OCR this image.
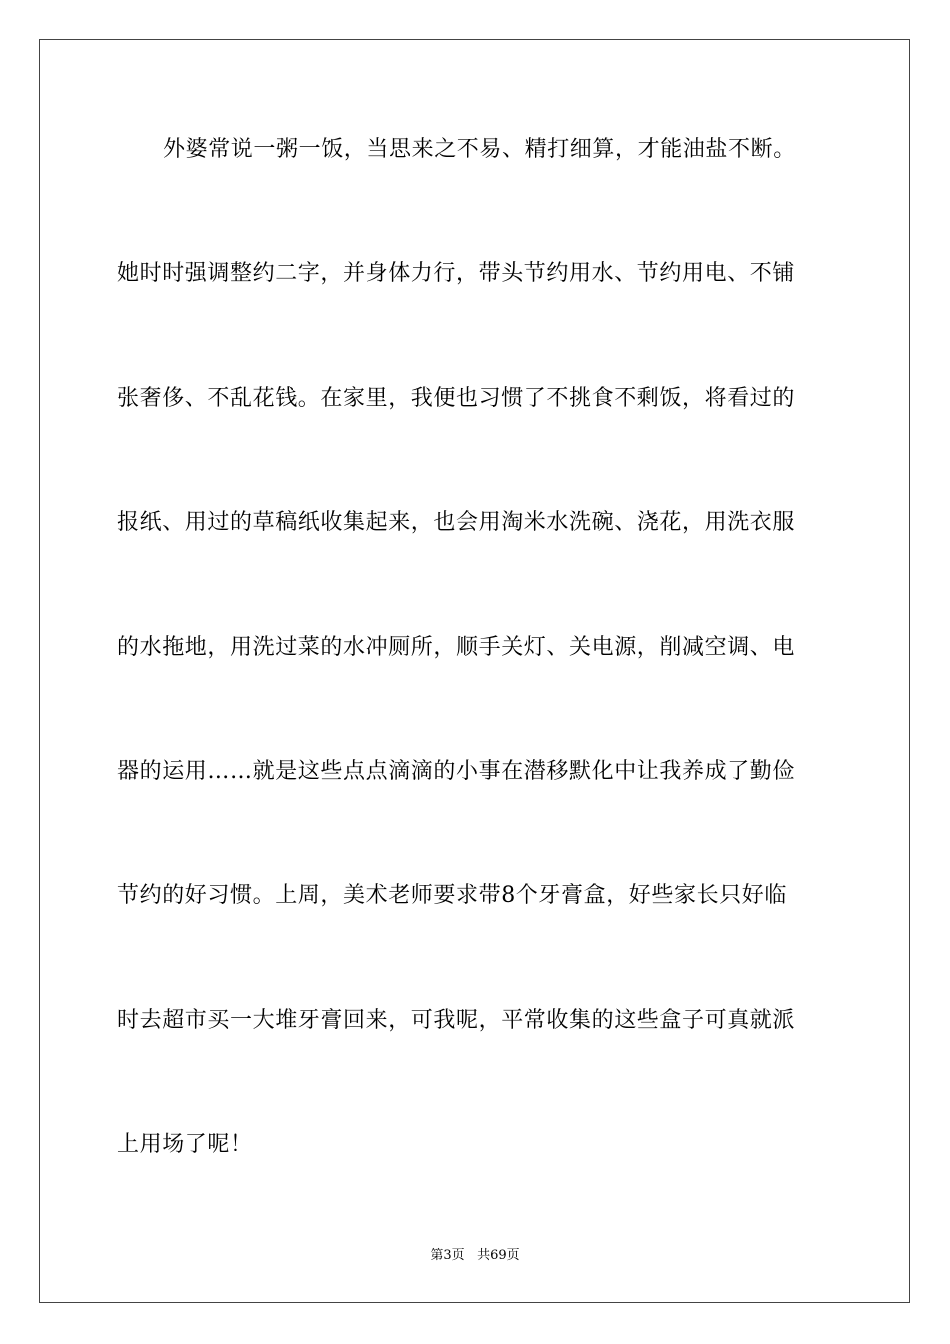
外婆常说一粥一饭，当思来之不易、精打细算，才能油盐不断。
她时时强调整约二字，并身体力行，带头节约用水、节约用电、不铺
张奢侈、不乱花钱。在家里，我便也习惯了不挑食不剩饭，将看过的
报纸、用过的草稿纸收集起来，也会用淘米水洗碗、浇花，用洗衣服
的水拖地，用洗过菜的水冲厕所，顺手关灯、关电源，削减空调、电
器的运用……就是这些点点滴滴的小事在潜移默化中让我养成了勤俭
节约的好习惯。上周，美术老师要求带8个牙膏盒，好些家长只好临
时去超市买一大堆牙膏回来，可我呢，平常收集的这些盒子可真就派
上用场了呢！
第3页 共69页
